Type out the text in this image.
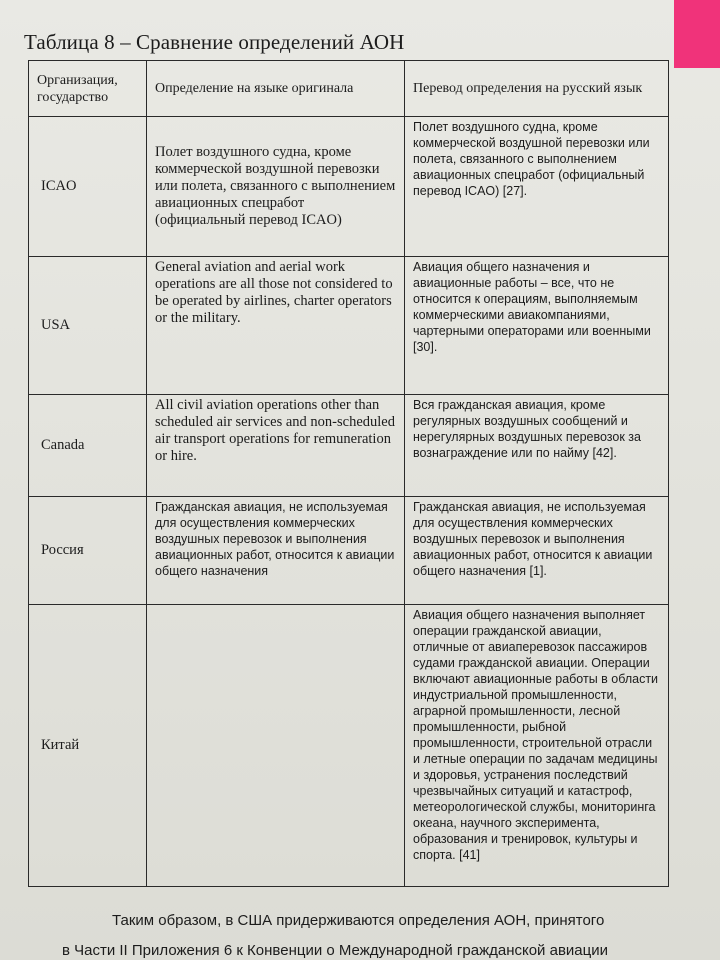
Таблица 8 – Сравнение определений АОН
Организация, государство	Определение на языке оригинала	Перевод определения на русский язык
ICAO	Полет воздушного судна, кроме коммерческой воздушной перевозки или полета, связанного с выполнением авиационных спецработ (официальный перевод ICAO)	Полет воздушного судна, кроме коммерческой воздушной перевозки или полета, связанного с выполнением авиационных спецработ (официальный перевод ICAO) [27].
USA	General aviation and aerial work operations are all those not considered to be operated by airlines, charter operators or the military.	Авиация общего назначения и авиационные работы – все, что не относится к операциям, выполняемым коммерческими авиакомпаниями, чартерными операторами или военными [30].
Canada	All civil aviation operations other than scheduled air services and non-scheduled air transport operations for remuneration or hire.	Вся гражданская авиация, кроме регулярных воздушных сообщений и нерегулярных воздушных перевозок за вознаграждение или по найму [42].
Россия	Гражданская авиация, не используемая для осуществления коммерческих воздушных перевозок и выполнения авиационных работ, относится к авиации общего назначения	Гражданская авиация, не используемая для осуществления коммерческих воздушных перевозок и выполнения авиационных работ, относится к авиации общего назначения [1].
Китай		Авиация общего назначения выполняет операции гражданской авиации, отличные от авиаперевозок пассажиров судами гражданской авиации. Операции включают авиационные работы в области индустриальной промышленности, аграрной промышленности, лесной промышленности, рыбной промышленности, строительной отрасли и летные операции по задачам медицины и здоровья, устранения последствий чрезвычайных ситуаций и катастроф, метеорологической службы, мониторинга океана, научного эксперимента, образования и тренировок, культуры и спорта. [41]
Таким образом, в США придерживаются определения АОН, принятого
в Части II Приложения 6 к Конвенции о Международной гражданской авиации
